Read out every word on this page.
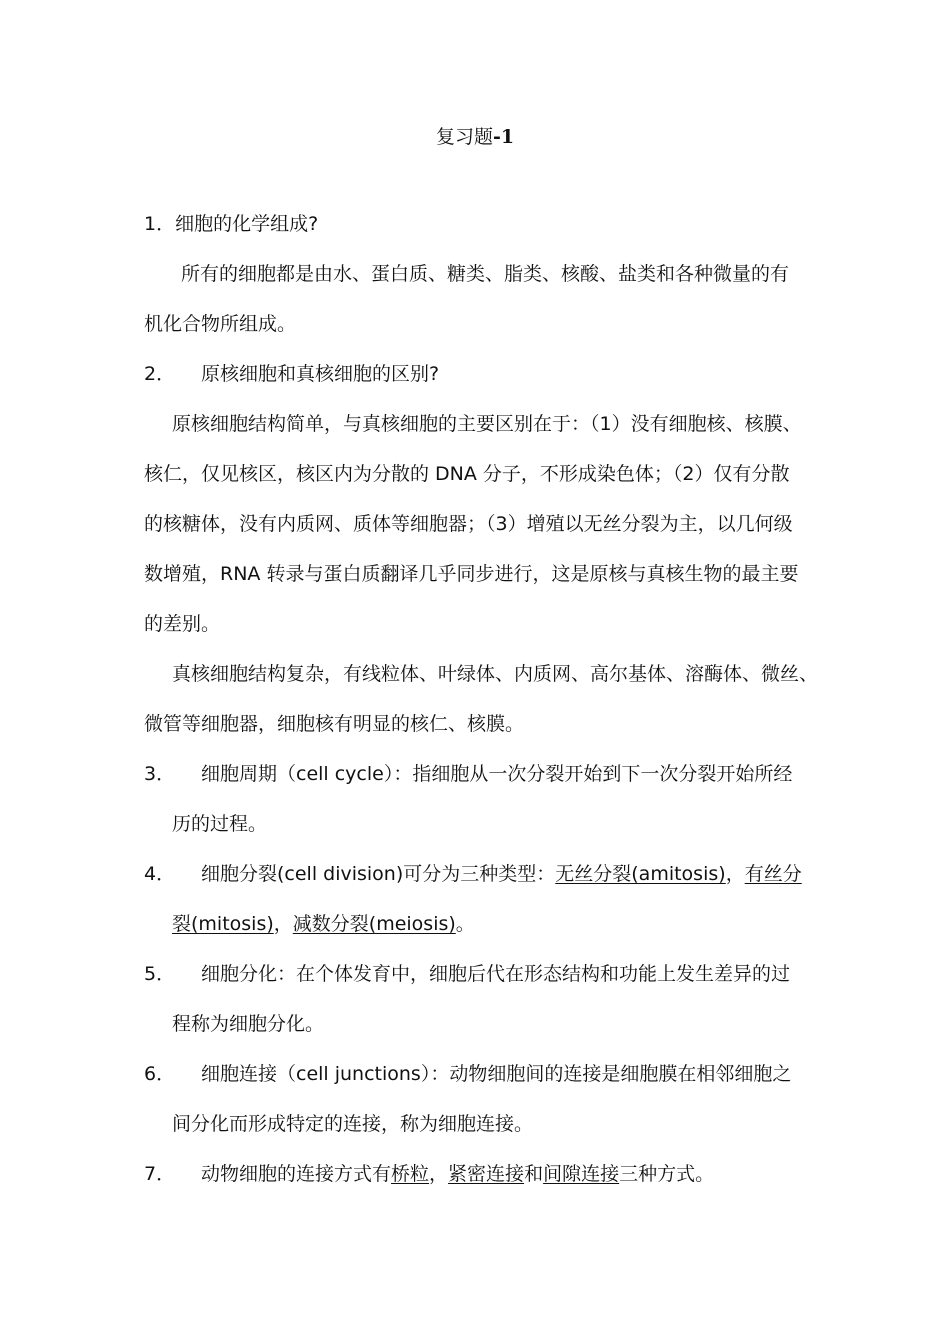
复习题-1
1．细胞的化学组成?
所有的细胞都是由水、蛋白质、糖类、脂类、核酸、盐类和各种微量的有
机化合物所组成。
2． 原核细胞和真核细胞的区别?
原核细胞结构简单，与真核细胞的主要区别在于：（1）没有细胞核、核膜、
核仁，仅见核区，核区内为分散的 DNA 分子，不形成染色体；（2）仅有分散
的核糖体，没有内质网、质体等细胞器；（3）增殖以无丝分裂为主，以几何级
数增殖，RNA 转录与蛋白质翻译几乎同步进行，这是原核与真核生物的最主要
的差别。
真核细胞结构复杂，有线粒体、叶绿体、内质网、高尔基体、溶酶体、微丝、
微管等细胞器，细胞核有明显的核仁、核膜。
3． 细胞周期（cell cycle）：指细胞从一次分裂开始到下一次分裂开始所经
历的过程。
4． 细胞分裂(cell division)可分为三种类型：无丝分裂(amitosis)，有丝分
裂(mitosis)，减数分裂(meiosis)。
5． 细胞分化：在个体发育中，细胞后代在形态结构和功能上发生差异的过
程称为细胞分化。
6． 细胞连接（cell junctions）：动物细胞间的连接是细胞膜在相邻细胞之
间分化而形成特定的连接，称为细胞连接。
7． 动物细胞的连接方式有桥粒，紧密连接和间隙连接三种方式。
